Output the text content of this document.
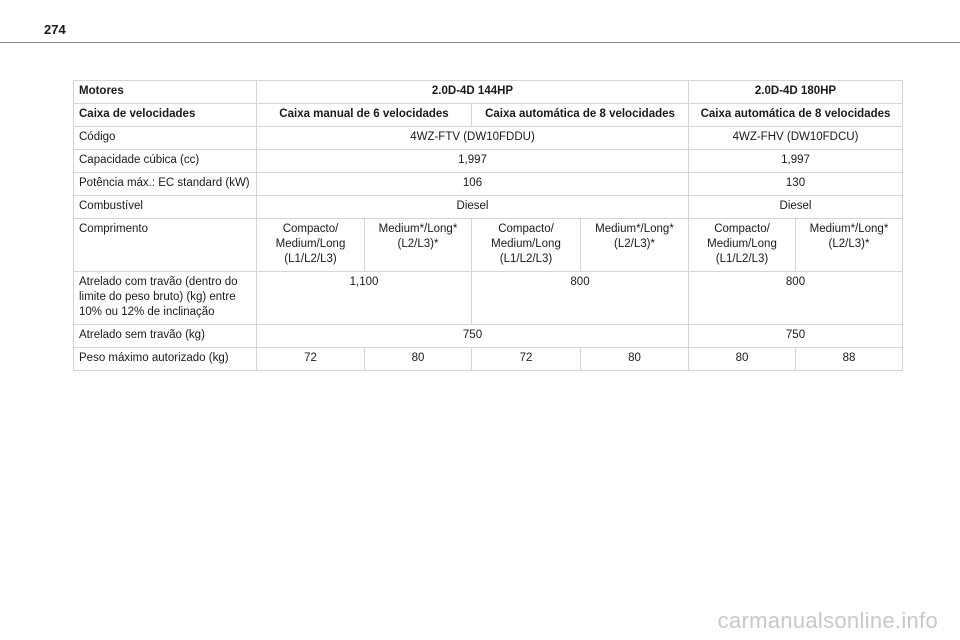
274
Motores	2.0D-4D 144HP				2.0D-4D 180HP	
Caixa de velocidades	Caixa manual de 6 velocidades		Caixa automática de 8 velocidades		Caixa automática de 8 velocidades	
Código	4WZ-FTV (DW10FDDU)				4WZ-FHV (DW10FDCU)	
Capacidade cúbica (cc)	1,997				1,997	
Potência máx.: EC standard (kW)	106				130	
Combustível	Diesel				Diesel	
Comprimento	Compacto/ Medium/Long (L1/L2/L3)	Medium*/Long* (L2/L3)*	Compacto/ Medium/Long (L1/L2/L3)	Medium*/Long* (L2/L3)*	Compacto/ Medium/Long (L1/L2/L3)	Medium*/Long* (L2/L3)*
Atrelado com travão (dentro do limite do peso bruto) (kg) entre 10% ou 12% de inclinação	1,100		800		800	
Atrelado sem travão (kg)	750				750	
Peso máximo autorizado (kg)	72	80	72	80	80	88
carmanualsonline.info
